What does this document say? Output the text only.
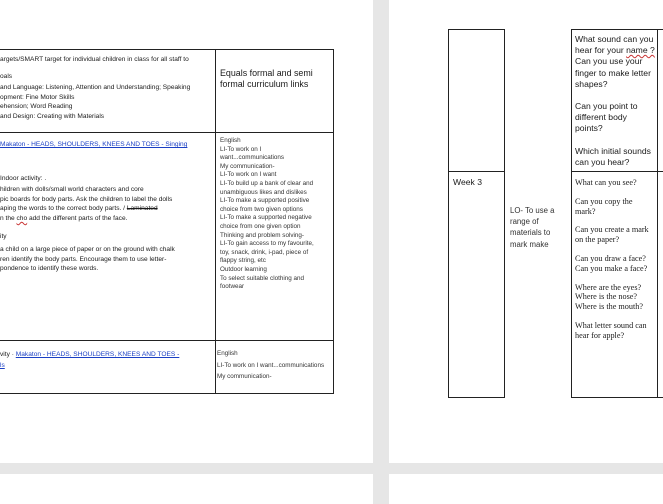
argets/SMART target for individual children in class for all staff to
oals
and Language: Listening, Attention and Understanding; Speaking
opment: Fine Motor Skills
ehension; Word Reading
and Design: Creating with Materials
Equals formal and semi
formal curriculum links
Makaton - HEADS, SHOULDERS, KNEES AND TOES - Singing
Indoor activity: .
hildren with dolls/small world characters and core
pic boards for body parts. Ask the children to label the dolls
aping the words to the correct body parts. / Laminated
n the cho add the different parts of the face.
ity
a child on a large piece of paper or on the ground with chalk
ren identify the body parts. Encourage them to use letter-
pondence to identify these words.
English
LI-To work on I
want...communications
My communication-
LI-To work on I want
LI-To build up a bank of clear and
unambiguous likes and dislikes
LI-To make a supported positive
choice from two given options
LI-To make a supported negative
choice from one given option
Thinking and problem solving-
LI-To gain access to my favourite,
toy, snack, drink, i-pad, piece of
flappy string, etc
Outdoor learning
To select suitable clothing and
footwear
vity · Makaton - HEADS, SHOULDERS, KNEES AND TOES -
ls
English
LI-To work on I want...communications
My communication-
What sound can you
hear for your name ?
Can you use your
finger to make letter
shapes?
Can you point to
different body
points?
Which initial sounds
can you hear?
Week 3
LO- To use a
range of
materials to
mark make
What can you see?
Can you copy the
mark?
Can you create a mark
on the paper?
Can you draw a face?
Can you make a face?
Where are the eyes?
Where is the nose?
Where is the mouth?
What letter sound can
hear for apple?
